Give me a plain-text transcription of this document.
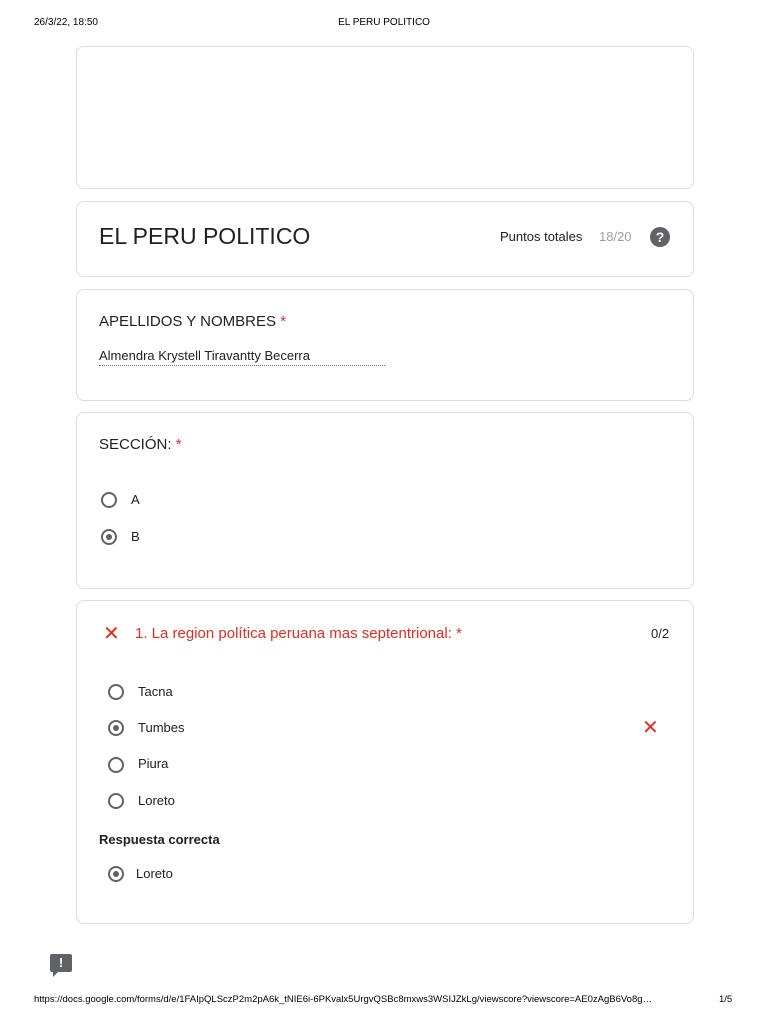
26/3/22, 18:50	EL PERU POLITICO
EL PERU POLITICO	Puntos totales 18/20	?
APELLIDOS Y NOMBRES *
Almendra Krystell Tiravantty Becerra
SECCIÓN: *
A
B
✕ 1. La region política peruana mas septentrional: *	0/2
Tacna
Tumbes	✕
Piura
Loreto
Respuesta correcta
Loreto
!
https://docs.google.com/forms/d/e/1FAIpQLSczP2m2pA6k_tNIE6i-6PKvalx5UrgvQSBc8mxws3WSIJZkLg/viewscore?viewscore=AE0zAgB6Vo8g…	1/5
